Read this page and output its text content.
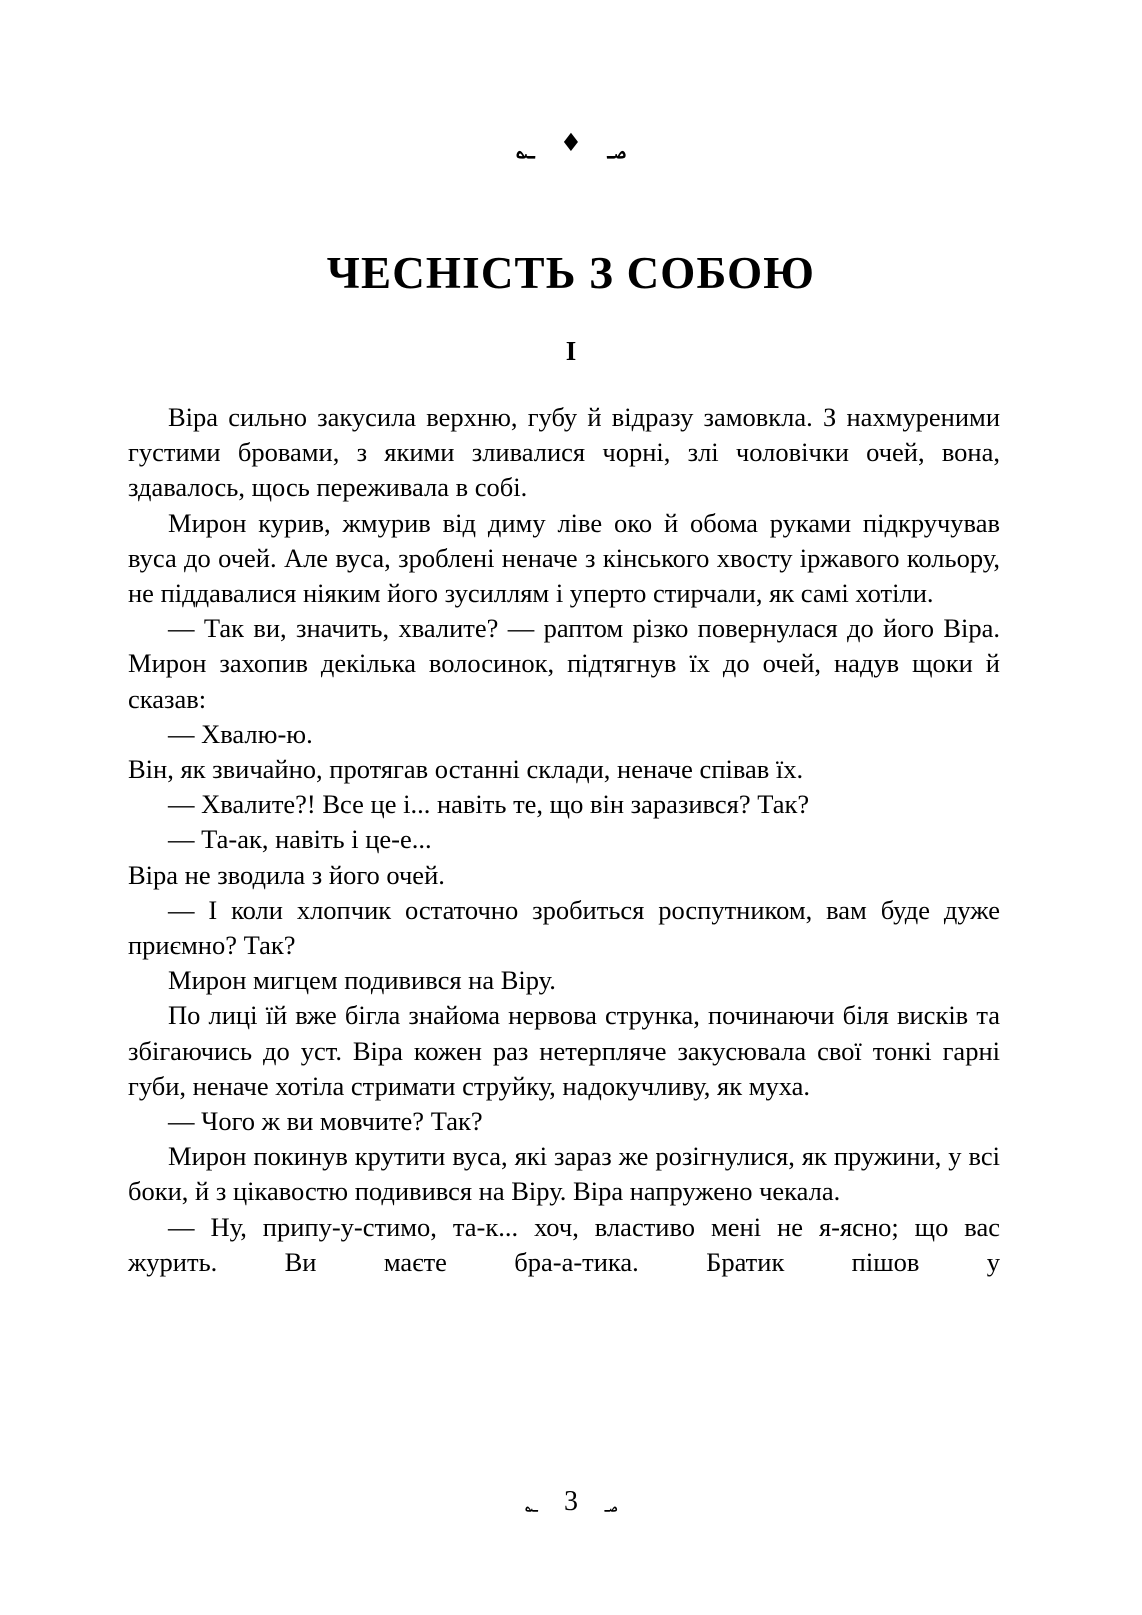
؃ ♦ ؃
ЧЕСНІСТЬ З СОБОЮ
I

Віра сильно закусила верхню, губу й відразу замовкла. З нахмуреними густими бровами, з якими зливалися чорні, злі чоловічки очей, вона, здавалось, щось переживала в собі.

Мирон курив, жмурив від диму ліве око й обома руками підкручував вуса до очей. Але вуса, зроблені неначе з кінського хвосту іржавого кольору, не піддавалися ніяким його зусиллям і уперто стирчали, як самі хотіли.

— Так ви, значить, хвалите? — раптом різко повернулася до його Віра. Мирон захопив декілька волосинок, підтягнув їх до очей, надув щоки й сказав:

— Хвалю-ю.

Він, як звичайно, протягав останні склади, неначе співав їх.

— Хвалите?! Все це і... навіть те, що він заразився? Так?

— Та-ак, навіть і це-е...

Віра не зводила з його очей.

— І коли хлопчик остаточно зробиться роспутником, вам буде дуже приємно? Так?

Мирон мигцем подивився на Віру.

По лиці їй вже бігла знайома нервова струнка, починаючи біля висків та збігаючись до уст. Віра кожен раз нетерпляче закусювала свої тонкі гарні губи, неначе хотіла стримати струйку, надокучливу, як муха.

— Чого ж ви мовчите? Так?

Мирон покинув крутити вуса, які зараз же розігнулися, як пружини, у всі боки, й з цікавостю подивився на Віру. Віра напружено чекала.

— Ну, припу-у-стимо, та-к... хоч, властиво мені не я-ясно; що вас журить. Ви маєте бра-а-тика. Братик пішов у

؃ 3 ؃
